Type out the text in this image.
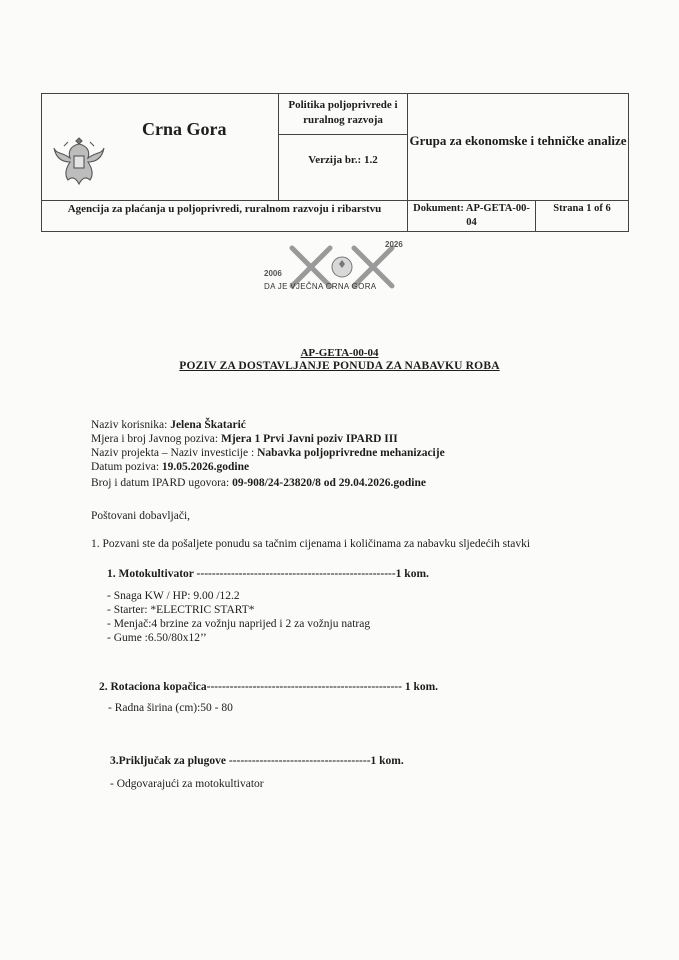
Crna Gora
Politika poljoprivrede i ruralnog razvoja
Verzija br.: 1.2
Grupa za ekonomske i tehničke analize
Agencija za plaćanja u poljoprivredi, ruralnom razvoju i ribarstvu	Dokument: AP-GETA-00-04
Strana 1 of 6
2006
2026
DA JE VJEČNA CRNA GORA
AP-GETA-00-04
POZIV ZA DOSTAVLJANJE PONUDA ZA NABAVKU ROBA
Naziv korisnika: Jelena Škatarić
Mjera i broj Javnog poziva: Mjera 1 Prvi Javni poziv IPARD III
Naziv projekta – Naziv investicije : Nabavka poljoprivredne mehanizacije
Datum poziva: 19.05.2026.godine
Broj i datum IPARD ugovora: 09-908/24-23820/8 od 29.04.2026.godine
Poštovani dobavljači,
1. Pozvani ste da pošaljete ponudu sa tačnim cijenama i količinama za nabavku sljedećih stavki
1. Motokultivator ----------------------------------------------------1 kom.
- Snaga KW / HP: 9.00 /12.2
- Starter: *ELECTRIC START*
- Menjač:4 brzine za vožnju naprijed i 2 za vožnju natrag
- Gume :6.50/80x12’’
2. Rotaciona kopačica--------------------------------------------------- 1 kom.
- Radna širina (cm):50 - 80
3.Priključak za plugove -------------------------------------1 kom.
- Odgovarajući za motokultivator
